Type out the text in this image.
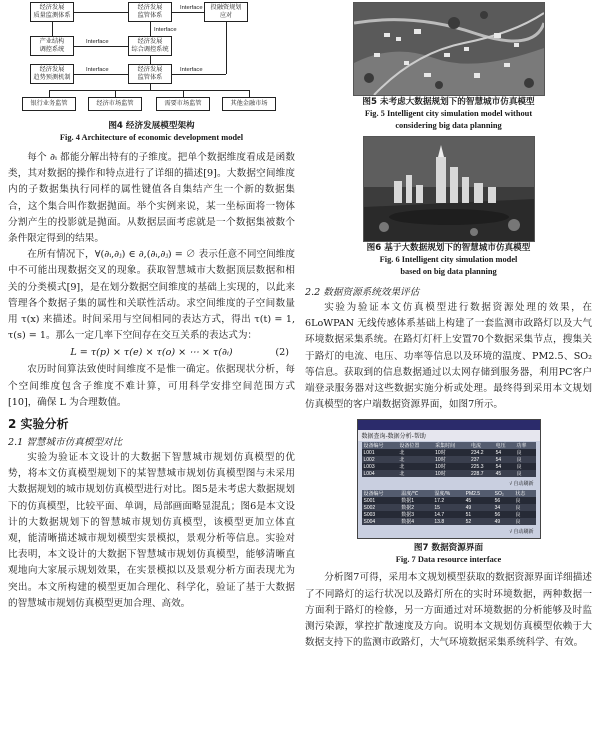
经济发展
质量监测体系
经济发展
监管体系
投融资规划
应对
产业结构
调控系统
经济发展
综合调控系统
经济发展
趋势预测机制
经济发展
监管体系
银行业务监管	经济市场监管	需要市场监管	其他金融市场
Interface
Interface
Interface
Interface	Interface
图4 经济发展模型架构
Fig. 4 Architecture of economic development model

每个 ∂ᵢ 都能分解出特有的子维度。把单个数据维度看成是函数类，其对数据的操作和特点进行了详细的描述[9]。大数据空间维度内的子数据集执行同样的属性键值各自集结产生一个新的数据集合，这个集合叫作数据抛面。举个实例来说，某一坐标面将一物体分割产生的投影就是抛面。从数据层面考虑就是一个数据集被数个条件限定得到的结果。

在所有情况下，∀(∂ᵢ,∂ⱼ) ∈ ∂,(∂ᵢ,∂ⱼ) = ∅ 表示任意不同空间维度中不可能出现数据交叉的现象。获取智慧城市大数据顶层数据和相关的分类模式[9]，是在划分数据空间维度的基础上实现的，以此来管理各个数据子集的属性和关联性活动。求空间维度的子空间数量用 τ(x) 来描述。时间采用与空间相同的表达方式，得出 τ(t) = 1, τ(s) = 1。那么一定几率下空间存在交互关系的表达式为：

L = τ(p) × τ(e) × τ(o) × ⋯ × τ(∂ᵢ)	(2)

农历时间算法致使时间维度不是惟一确定。依据现状分析，每个空间维度包含子维度不难计算，可用科学安排空间范围方式[10]，确保 L 为合理数值。

2 实验分析
2.1 智慧城市仿真模型对比

实验为验证本文设计的大数据下智慧城市规划仿真模型的优势，将本文仿真模型规划下的某智慧城市规划仿真模型图与未采用大数据规划的城市规划仿真模型进行对比。图5是未考虑大数据规划下的仿真模型，比较平面、单调，局部画面略显混乱；图6是本文设计的大数据规划下的智慧城市规划仿真模型，该模型更加立体直观，能清晰描述城市规划模型实景模拟，景观分析等信息。实验对比表明，本文设计的大数据下智慧城市规划仿真模型，能够清晰直观地向大家展示规划效果，在实景模拟以及景观分析方面表现尤为突出。本文所构建的模型更加合理化、科学化，验证了基于大数据的智慧城市规划仿真模型更加合理、高效。

图5 未考虑大数据规划下的智慧城市仿真模型
Fig. 5 Intelligent city simulation model without
considering big data planning
图6 基于大数据规划下的智慧城市仿真模型
Fig. 6 Intelligent city simulation model
based on big data planning
2.2 数据资源系统效果评估

实验为验证本文仿真模型进行数据资源处理的效果，在 6LoWPAN 无线传感体系基础上构建了一套监测市政路灯以及大气环境数据采集系统。在路灯灯杆上安置70个数据采集节点，搜集关于路灯的电流、电压、功率等信息以及环境的温度、PM2.5、SO₂等信息。获取到的信息数据通过以太网存储到服务器，利用PC客户端登录服务器对这些数据实施分析或处理。最终得到采用本文规划仿真模型的客户端数据资源界面，如图7所示。

数据查询-数据分析-帮助
设备编号	设备位置	采集时间	电流	电压	功率
L001	北	10时	234.2	54	良
L002	北	10时	237	54	良
L003	北	10时	225.3	54	良
L004	北	10时	228.7	45	良
√ 自动刷新
设备编号	温度/℃	湿度/%	PM2.5	SO₂	状态
S001	数据1	17.2	45	56	良
S002	数据2	15	49	34	良
S003	数据3	14.7	51	56	良
S004	数据4	13.8	52	49	良
√ 自动刷新
图7 数据资源界面
Fig. 7 Data resource interface

分析图7可得，采用本文规划模型获取的数据资源界面详细描述了不同路灯的运行状况以及路灯所在的实时环境数据，两种数据一方面利于路灯的检修，另一方面通过对环境数据的分析能够及时监测污染源，掌控扩散速度及方向。说明本文规划仿真模型依赖于大数据支持下的监测市政路灯，大气环境数据采集系统科学、有效。
